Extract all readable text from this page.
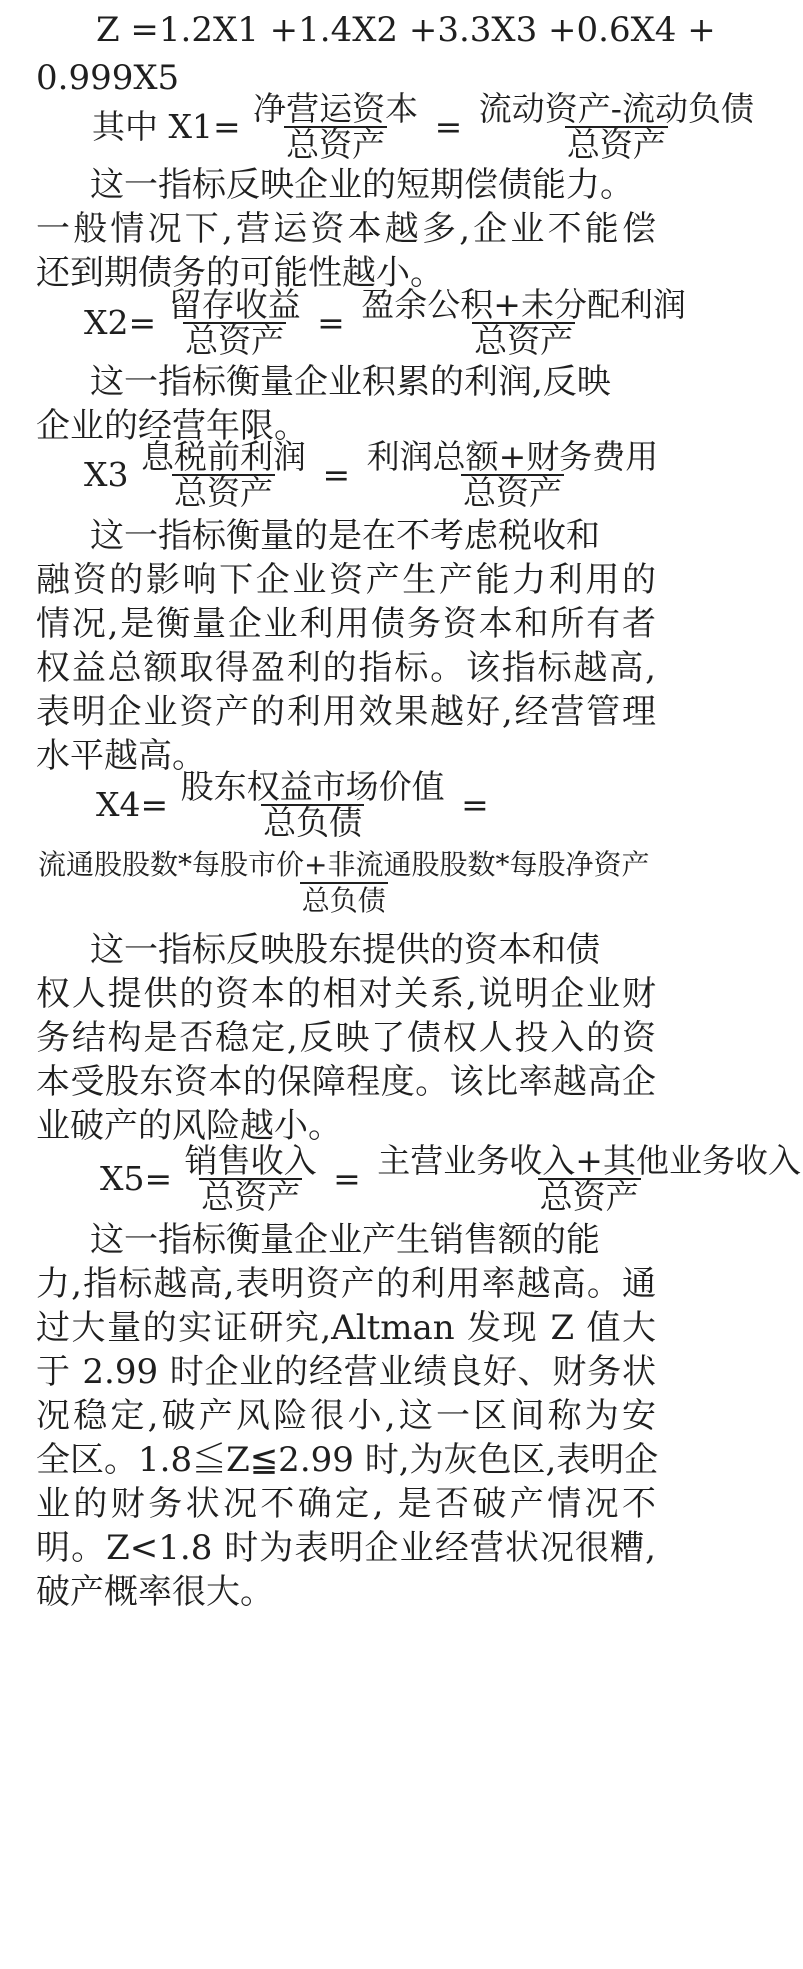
Z =1.2X1 +1.4X2 +3.3X3 +0.6X4 +
0.999X5
其中 $X1= \frac{\text{净营运资本}}{\text{总资产}} = \frac{\text{流动资产-流动负债}}{\text{总资产}}$
这一指标反映企业的短期偿债能力。
一般情况下,营运资本越多,企业不能偿
还到期债务的可能性越小。
$X2= \frac{\text{留存收益}}{\text{总资产}} = \frac{\text{盈余公积+未分配利润}}{\text{总资产}}$
这一指标衡量企业积累的利润,反映
企业的经营年限。
$X3 \frac{\text{息税前利润}}{\text{总资产}} = \frac{\text{利润总额+财务费用}}{\text{总资产}}$
这一指标衡量的是在不考虑税收和
融资的影响下企业资产生产能力利用的
情况,是衡量企业利用债务资本和所有者
权益总额取得盈利的指标。该指标越高,
表明企业资产的利用效果越好,经营管理
水平越高。
$X4= \frac{\text{股东权益市场价值}}{\text{总负债}}$ =
$\frac{\text{流通股股数*每股市价+非流通股股数*每股净资产}}{\text{总负债}}$
这一指标反映股东提供的资本和债
权人提供的资本的相对关系,说明企业财
务结构是否稳定,反映了债权人投入的资
本受股东资本的保障程度。该比率越高企
业破产的风险越小。
$X5= \frac{\text{销售收入}}{\text{总资产}} = \frac{\text{主营业务收入+其他业务收入}}{\text{总资产}}$
这一指标衡量企业产生销售额的能
力,指标越高,表明资产的利用率越高。通
过大量的实证研究,Altman 发现 Z 值大
于 2.99 时企业的经营业绩良好、财务状
况稳定,破产风险很小,这一区间称为安
全区。1.8≦Z≦2.99 时,为灰色区,表明企
业的财务状况不确定, 是否破产情况不
明。Z<1.8 时为表明企业经营状况很糟,
破产概率很大。
